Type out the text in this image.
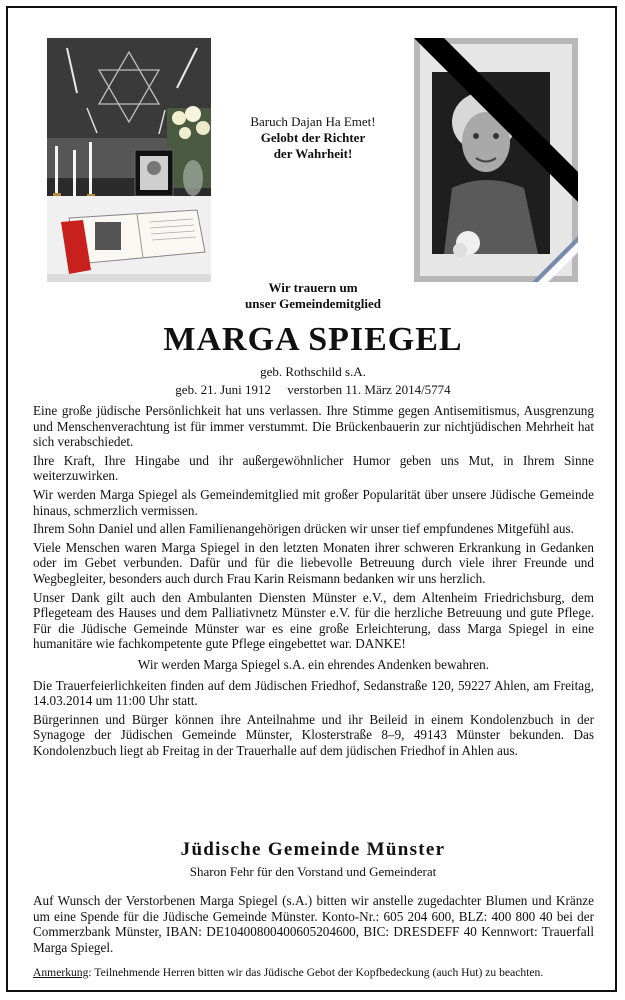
Baruch Dajan Ha Emet!
Gelobt der Richter
der Wahrheit!
Wir trauern um
unser Gemeindemitglied
MARGA SPIEGEL
geb. Rothschild s.A.
geb. 21. Juni 1912 verstorben 11. März 2014/5774

Eine große jüdische Persönlichkeit hat uns verlassen. Ihre Stimme gegen Antisemitismus, Ausgrenzung und Menschenverachtung ist für immer verstummt. Die Brückenbauerin zur nichtjüdischen Mehrheit hat sich verabschiedet.

Ihre Kraft, Ihre Hingabe und ihr außergewöhnlicher Humor geben uns Mut, in Ihrem Sinne weiterzuwirken.

Wir werden Marga Spiegel als Gemeindemitglied mit großer Popularität über unsere Jüdische Gemeinde hinaus, schmerzlich vermissen.

Ihrem Sohn Daniel und allen Familienangehörigen drücken wir unser tief empfundenes Mitgefühl aus.

Viele Menschen waren Marga Spiegel in den letzten Monaten ihrer schweren Erkrankung in Gedanken oder im Gebet verbunden. Dafür und für die liebevolle Betreuung durch viele ihrer Freunde und Wegbegleiter, besonders auch durch Frau Karin Reismann bedanken wir uns herzlich.

Unser Dank gilt auch den Ambulanten Diensten Münster e.V., dem Altenheim Friedrichsburg, dem Pflegeteam des Hauses und dem Palliativnetz Münster e.V. für die herzliche Betreuung und gute Pflege. Für die Jüdische Gemeinde Münster war es eine große Erleichterung, dass Marga Spiegel in eine humanitäre wie fachkompetente gute Pflege eingebettet war. DANKE!

Wir werden Marga Spiegel s.A. ein ehrendes Andenken bewahren.

Die Trauerfeierlichkeiten finden auf dem Jüdischen Friedhof, Sedanstraße 120, 59227 Ahlen, am Freitag, 14.03.2014 um 11:00 Uhr statt.

Bürgerinnen und Bürger können ihre Anteilnahme und ihr Beileid in einem Kondolenzbuch in der Synagoge der Jüdischen Gemeinde Münster, Klosterstraße 8–9, 49143 Münster bekunden. Das Kondolenzbuch liegt ab Freitag in der Trauerhalle auf dem jüdischen Friedhof in Ahlen aus.

Jüdische Gemeinde Münster
Sharon Fehr für den Vorstand und Gemeinderat

Auf Wunsch der Verstorbenen Marga Spiegel (s.A.) bitten wir anstelle zugedachter Blumen und Kränze um eine Spende für die Jüdische Gemeinde Münster. Konto-Nr.: 605 204 600, BLZ: 400 800 40 bei der Commerzbank Münster, IBAN: DE10400800400605204600, BIC: DRESDEFF 40 Kennwort: Trauerfall Marga Spiegel.

Anmerkung: Teilnehmende Herren bitten wir das Jüdische Gebot der Kopfbedeckung (auch Hut) zu beachten.
